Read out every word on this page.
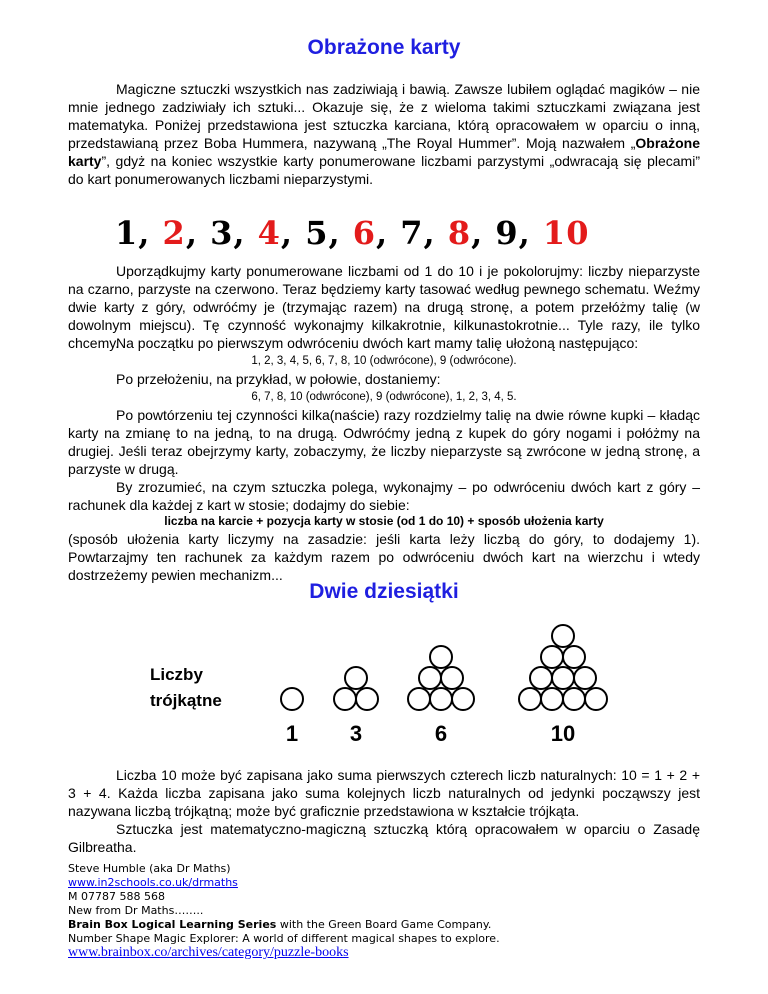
Obrażone karty

Magiczne sztuczki wszystkich nas zadziwiają i bawią. Zawsze lubiłem oglądać magików – nie mnie jednego zadziwiały ich sztuki... Okazuje się, że z wieloma takimi sztuczkami związana jest matematyka. Poniżej przedstawiona jest sztuczka karciana, którą opracowałem w oparciu o inną, przedstawianą przez Boba Hummera, nazywaną „The Royal Hummer”. Moją nazwałem „Obrażone karty”, gdyż na koniec wszystkie karty ponumerowane liczbami parzystymi „odwracają się plecami” do kart ponumerowanych liczbami nieparzystymi.

1, 2, 3, 4, 5, 6, 7, 8, 9, 10

Uporządkujmy karty ponumerowane liczbami od 1 do 10 i je pokolorujmy: liczby nieparzyste na czarno, parzyste na czerwono. Teraz będziemy karty tasować według pewnego schematu. Weźmy dwie karty z góry, odwróćmy je (trzymając razem) na drugą stronę, a potem przełóżmy talię (w dowolnym miejscu). Tę czynność wykonajmy kilkakrotnie, kilkunastokrotnie... Tyle razy, ile tylko chcemy.

Na początku po pierwszym odwróceniu dwóch kart mamy talię ułożoną następująco:

1, 2, 3, 4, 5, 6, 7, 8, 10 (odwrócone), 9 (odwrócone).

Po przełożeniu, na przykład, w połowie, dostaniemy:

6, 7, 8, 10 (odwrócone), 9 (odwrócone), 1, 2, 3, 4, 5.

Po powtórzeniu tej czynności kilka(naście) razy rozdzielmy talię na dwie równe kupki – kładąc karty na zmianę to na jedną, to na drugą. Odwróćmy jedną z kupek do góry nogami i połóżmy na drugiej. Jeśli teraz obejrzymy karty, zobaczymy, że liczby nieparzyste są zwrócone w jedną stronę, a parzyste w drugą.

By zrozumieć, na czym sztuczka polega, wykonajmy – po odwróceniu dwóch kart z góry – rachunek dla każdej z kart w stosie; dodajmy do siebie:

liczba na karcie + pozycja karty w stosie (od 1 do 10) + sposób ułożenia karty

(sposób ułożenia karty liczymy na zasadzie: jeśli karta leży liczbą do góry, to dodajemy 1). Powtarzajmy ten rachunek za każdym razem po odwróceniu dwóch kart na wierzchu i wtedy dostrzeżemy pewien mechanizm...

Dwie dziesiątki
Liczby
trójkątne
1 3	6	10

Liczba 10 może być zapisana jako suma pierwszych czterech liczb naturalnych: 10 = 1 + 2 + 3 + 4. Każda liczba zapisana jako suma kolejnych liczb naturalnych od jedynki począwszy jest nazywana liczbą trójkątną; może być graficznie przedstawiona w kształcie trójkąta.

Sztuczka jest matematyczno-magiczną sztuczką którą opracowałem w oparciu o Zasadę Gilbreatha.

Steve Humble (aka Dr Maths)
www.in2schools.co.uk/drmaths
M 07787 588 568
New from Dr Maths……..
Brain Box Logical Learning Series with the Green Board Game Company.
Number Shape Magic Explorer: A world of different magical shapes to explore.
www.brainbox.co/archives/category/puzzle-books
